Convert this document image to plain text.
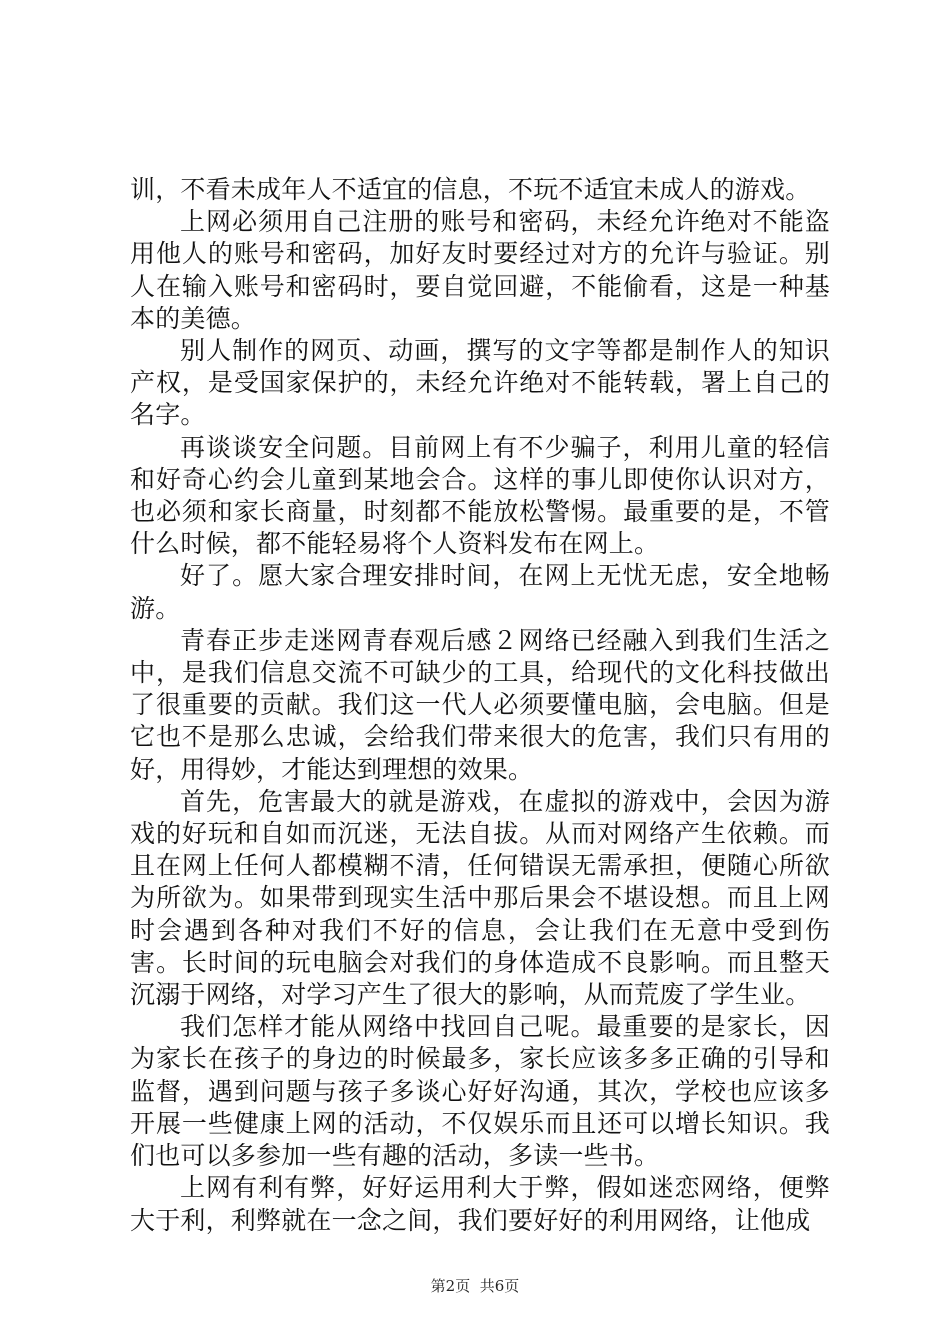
训，不看未成年人不适宜的信息，不玩不适宜未成人的游戏。

上网必须用自己注册的账号和密码，未经允许绝对不能盗用他人的账号和密码，加好友时要经过对方的允许与验证。别人在输入账号和密码时，要自觉回避，不能偷看，这是一种基本的美德。

别人制作的网页、动画，撰写的文字等都是制作人的知识产权，是受国家保护的，未经允许绝对不能转载，署上自己的名字。

再谈谈安全问题。目前网上有不少骗子，利用儿童的轻信和好奇心约会儿童到某地会合。这样的事儿即使你认识对方，也必须和家长商量，时刻都不能放松警惕。最重要的是，不管什么时候，都不能轻易将个人资料发布在网上。

好了。愿大家合理安排时间，在网上无忧无虑，安全地畅游。

青春正步走迷网青春观后感２网络已经融入到我们生活之中，是我们信息交流不可缺少的工具，给现代的文化科技做出了很重要的贡献。我们这一代人必须要懂电脑，会电脑。但是它也不是那么忠诚，会给我们带来很大的危害，我们只有用的好，用得妙，才能达到理想的效果。

首先，危害最大的就是游戏，在虚拟的游戏中，会因为游戏的好玩和自如而沉迷，无法自拔。从而对网络产生依赖。而且在网上任何人都模糊不清，任何错误无需承担，便随心所欲为所欲为。如果带到现实生活中那后果会不堪设想。而且上网时会遇到各种对我们不好的信息，会让我们在无意中受到伤害。长时间的玩电脑会对我们的身体造成不良影响。而且整天沉溺于网络，对学习产生了很大的影响，从而荒废了学生业。

我们怎样才能从网络中找回自己呢。最重要的是家长，因为家长在孩子的身边的时候最多，家长应该多多正确的引导和监督，遇到问题与孩子多谈心好好沟通，其次，学校也应该多开展一些健康上网的活动，不仅娱乐而且还可以增长知识。我们也可以多参加一些有趣的活动，多读一些书。

上网有利有弊，好好运用利大于弊，假如迷恋网络，便弊大于利，利弊就在一念之间，我们要好好的利用网络，让他成

第2页 共6页
